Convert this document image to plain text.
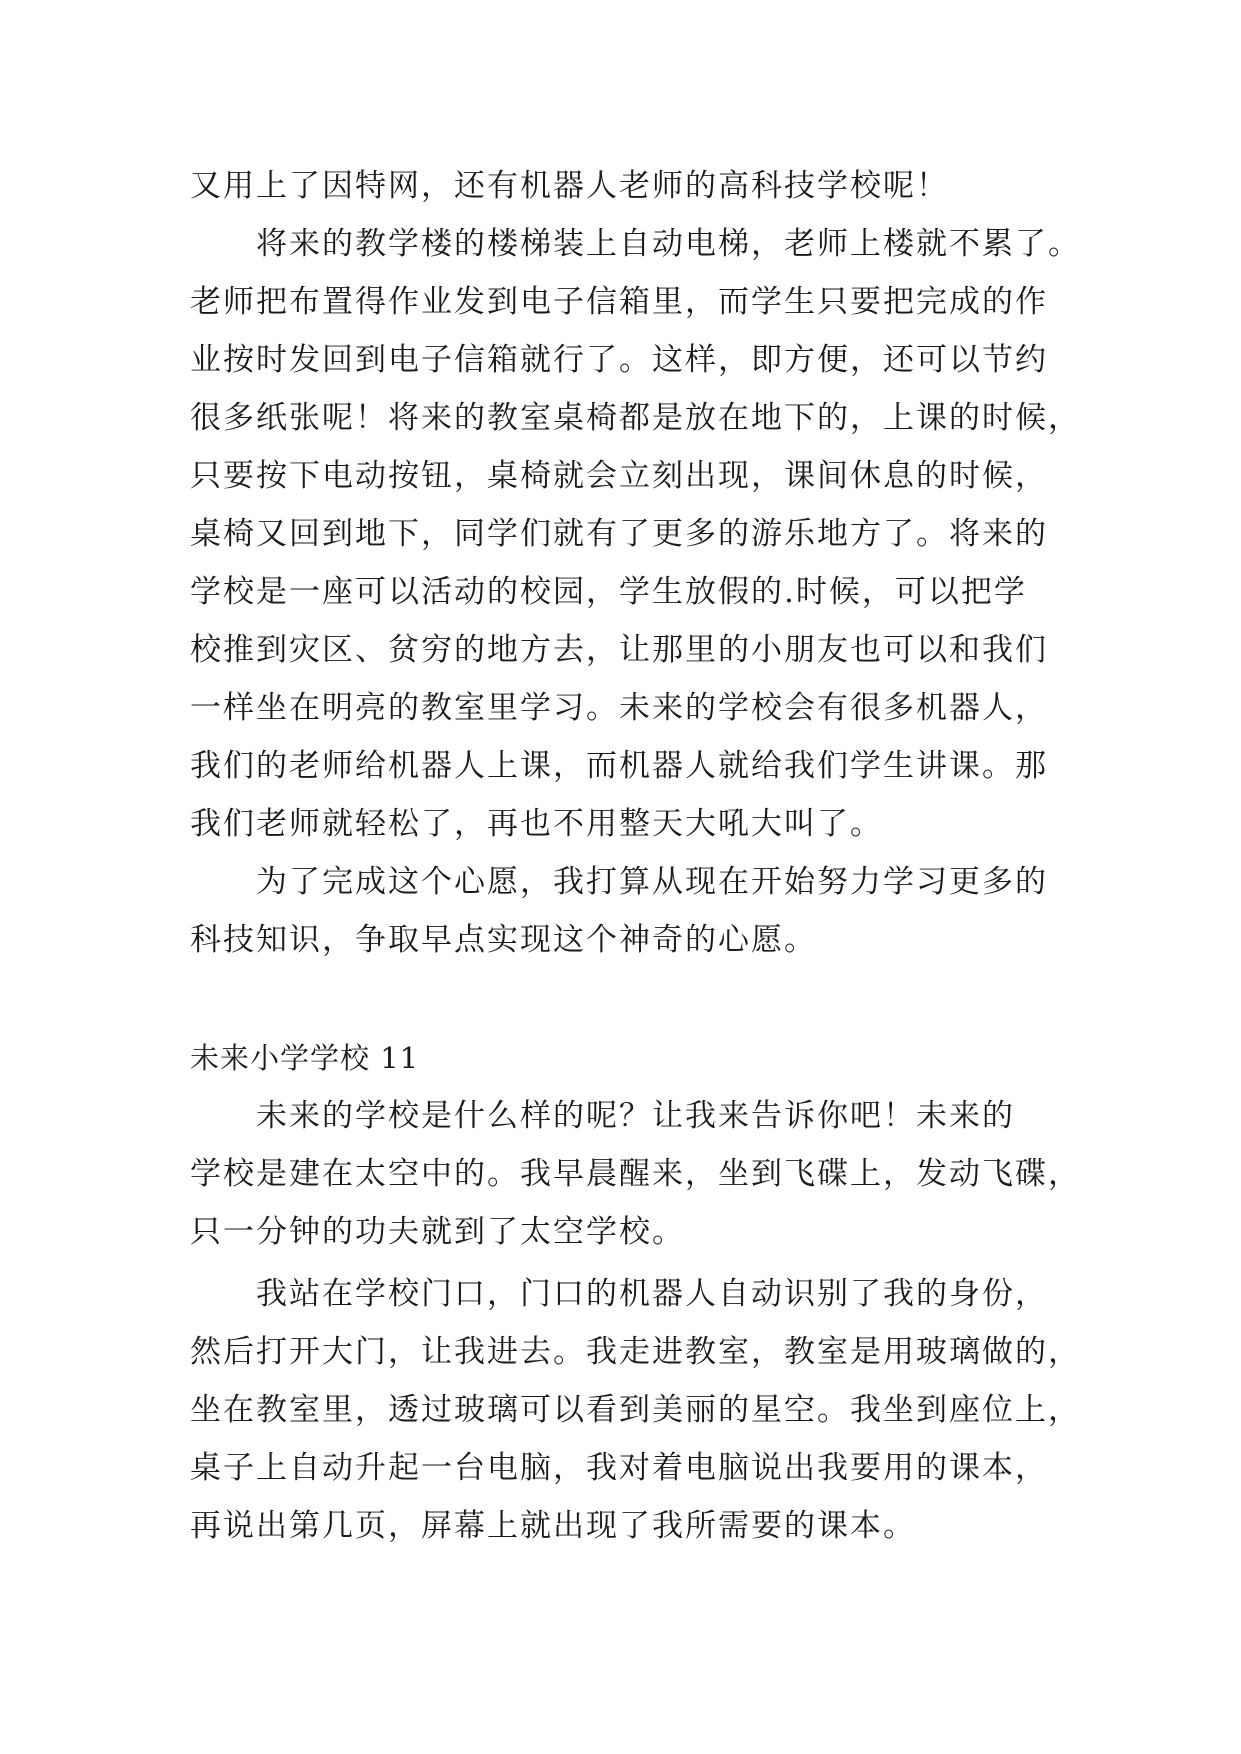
又用上了因特网，还有机器人老师的高科技学校呢！
将来的教学楼的楼梯装上自动电梯，老师上楼就不累了。
老师把布置得作业发到电子信箱里，而学生只要把完成的作
业按时发回到电子信箱就行了。这样，即方便，还可以节约
很多纸张呢！将来的教室桌椅都是放在地下的，上课的时候，
只要按下电动按钮，桌椅就会立刻出现，课间休息的时候，
桌椅又回到地下，同学们就有了更多的游乐地方了。将来的
学校是一座可以活动的校园，学生放假的.时候，可以把学
校推到灾区、贫穷的地方去，让那里的小朋友也可以和我们
一样坐在明亮的教室里学习。未来的学校会有很多机器人，
我们的老师给机器人上课，而机器人就给我们学生讲课。那
我们老师就轻松了，再也不用整天大吼大叫了。
为了完成这个心愿，我打算从现在开始努力学习更多的
科技知识，争取早点实现这个神奇的心愿。
未来小学学校 11
未来的学校是什么样的呢？让我来告诉你吧！未来的
学校是建在太空中的。我早晨醒来，坐到飞碟上，发动飞碟，
只一分钟的功夫就到了太空学校。
我站在学校门口，门口的机器人自动识别了我的身份，
然后打开大门，让我进去。我走进教室，教室是用玻璃做的，
坐在教室里，透过玻璃可以看到美丽的星空。我坐到座位上，
桌子上自动升起一台电脑，我对着电脑说出我要用的课本，
再说出第几页，屏幕上就出现了我所需要的课本。
